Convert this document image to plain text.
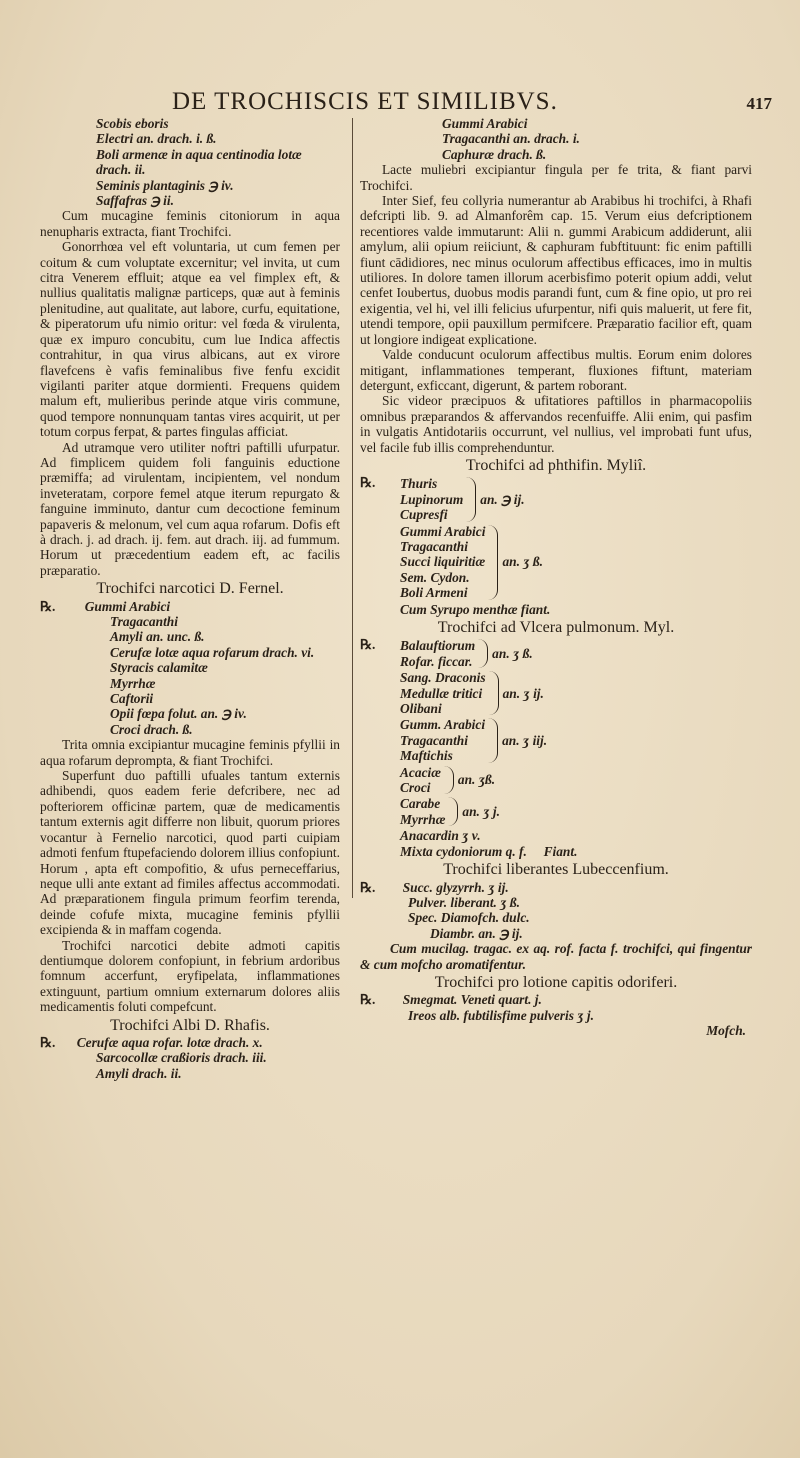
DE TROCHISCIS ET SIMILIBVS.	417
Scobis eboris
Electri an. drach. i. ß.
Boli armenæ in aqua centinodia lotæ drach. ii.
Seminis plantaginis ℈ iv.
Saffafras ℈ ii.

Cum mucagine feminis citoniorum in aqua nenupharis extracta, fiant Trochifci.

Gonorrhœa vel eft voluntaria, ut cum femen per coitum & cum voluptate excernitur; vel invita, ut cum citra Venerem effluit; atque ea vel fimplex eft, & nullius qualitatis malignæ particeps, quæ aut à feminis plenitudine, aut qualitate, aut labore, curfu, equitatione, & piperatorum ufu nimio oritur: vel fœda & virulenta, quæ ex impuro concubitu, cum lue Indica affectis contrahitur, in qua virus albicans, aut ex virore flavefcens è vafis feminalibus five fenfu excidit vigilanti pariter atque dormienti. Frequens quidem malum eft, mulieribus perinde atque viris commune, quod tempore nonnunquam tantas vires acquirit, ut per totum corpus ferpat, & partes fingulas afficiat.

Ad utramque vero utiliter noftri paftilli ufurpatur. Ad fimplicem quidem foli fanguinis eductione præmiffa; ad virulentam, incipientem, vel nondum inveteratam, corpore femel atque iterum repurgato & fanguine imminuto, dantur cum decoctione feminum papaveris & melonum, vel cum aqua rofarum. Dofis eft à drach. j. ad drach. ij. fem. aut drach. iij. ad fummum. Horum ut præcedentium eadem eft, ac facilis præparatio.

Trochifci narcotici D. Fernel.
℞. Gummi Arabici
Tragacanthi
Amyli an. unc. ß.
Cerufæ lotæ aqua rofarum drach. vi.
Styracis calamitæ
Myrrhæ
Caftorii
Opii fœpa folut. an. ℈ iv.
Croci drach. ß.

Trita omnia excipiantur mucagine feminis pfyllii in aqua rofarum deprompta, & fiant Trochifci.

Superfunt duo paftilli ufuales tantum externis adhibendi, quos eadem ferie defcribere, nec ad pofteriorem officinæ partem, quæ de medicamentis tantum externis agit differre non libuit, quorum priores vocantur à Fernelio narcotici, quod parti cuipiam admoti fenfum ftupefaciendo dolorem illius confopiunt. Horum , apta eft compofitio, & ufus perneceffarius, neque ulli ante extant ad fimiles affectus accommodati. Ad præparationem fingula primum feorfim terenda, deinde cofufe mixta, mucagine feminis pfyllii excipienda & in maffam cogenda.

Trochifci narcotici debite admoti capitis dentiumque dolorem confopiunt, in febrium ardoribus fomnum accerfunt, eryfipelata, inflammationes extinguunt, partium omnium externarum dolores aliis medicamentis foluti compefcunt.

Trochifci Albi D. Rhafis.
℞. Cerufæ aqua rofar. lotæ drach. x.
Sarcocollæ craßioris drach. iii.
Amyli drach. ii.
Gummi Arabici
Tragacanthi an. drach. i.
Caphuræ drach. ß.

Lacte muliebri excipiantur fingula per fe trita, & fiant parvi Trochifci.

Inter Sief, feu collyria numerantur ab Arabibus hi trochifci, à Rhafi defcripti lib. 9. ad Almanforêm cap. 15. Verum eius defcriptionem recentiores valde immutarunt: Alii n. gummi Arabicum addiderunt, alii amylum, alii opium reiiciunt, & caphuram fubftituunt: fic enim paftilli fiunt cādidiores, nec minus oculorum affectibus efficaces, imo in multis utiliores. In dolore tamen illorum acerbisfimo poterit opium addi, velut cenfet Ioubertus, duobus modis parandi funt, cum & fine opio, ut pro rei exigentia, vel hi, vel illi felicius ufurpentur, nifi quis maluerit, ut fere fit, utendi tempore, opii pauxillum permifcere. Præparatio facilior eft, quam ut longiore indigeat explicatione.

Valde conducunt oculorum affectibus multis. Eorum enim dolores mitigant, inflammationes temperant, fluxiones fiftunt, materiam detergunt, exficcant, digerunt, & partem roborant.

Sic videor præcipuos & ufitatiores paftillos in pharmacopoliis omnibus præparandos & affervandos recenfuiffe. Alii enim, qui pasfim in vulgatis Antidotariis occurrunt, vel nullius, vel improbati funt ufus, vel facile fub illis comprehenduntur.

Trochifci ad phthifin. Myliî.
℞.	Thuris
Lupinorum
Cupresfi
an. ℈ ij.
Gummi Arabici
Tragacanthi
Succi liquiritiæ
Sem. Cydon.
Boli Armeni
an. ʒ ß.
Cum Syrupo menthæ fiant.
Trochifci ad Vlcera pulmonum. Myl.
℞.	Balauftiorum
Rofar. ficcar.
an. ʒ ß.
Sang. Draconis
Medullæ tritici
Olibani
an. ʒ ij.
Gumm. Arabici
Tragacanthi
Maftichis
an. ʒ iij.
Acaciæ
Croci
an. ʒß.
Carabe
Myrrhæ
an. ʒ j.
Anacardin ʒ v.
Mixta cydoniorum q. f.     Fiant.
Trochifci liberantes Lubeccenfium.
℞. Succ. glyzyrrh. ʒ ij.
Pulver. liberant. ʒ ß.
Spec. Diamofch. dulc.
Diambr. an. ℈ ij.

Cum mucilag. tragac. ex aq. rof. facta f. trochifci, qui fingentur & cum mofcho aromatifentur.

Trochifci pro lotione capitis odoriferi.
℞. Smegmat. Veneti quart. j.
Ireos alb. fubtilisfime pulveris ʒ j.
Mofch.
